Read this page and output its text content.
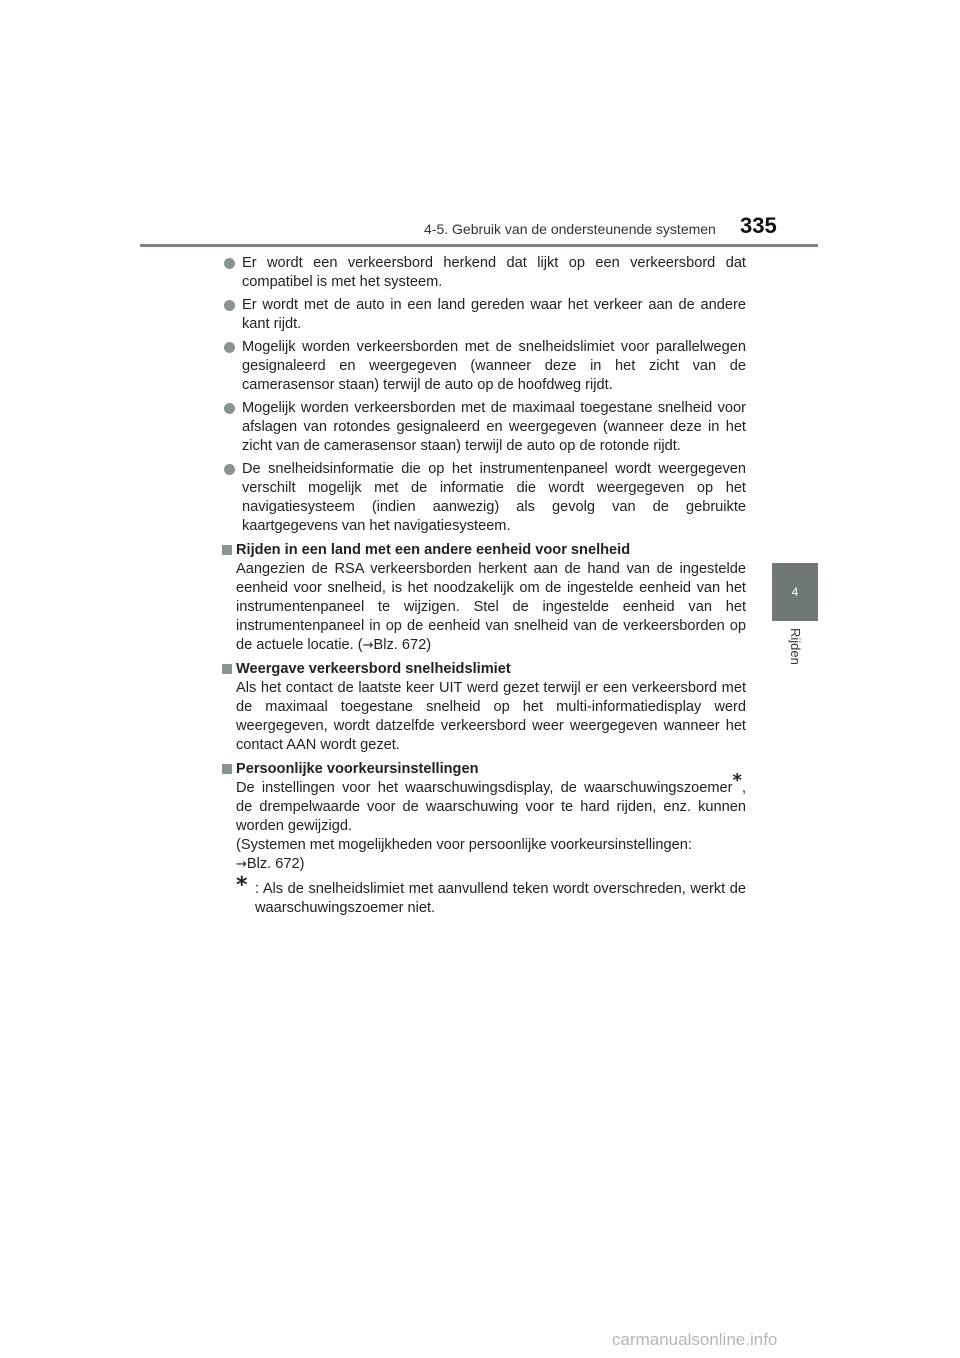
4-5. Gebruik van de ondersteunende systemen 335
4
Rijden
Er wordt een verkeersbord herkend dat lijkt op een verkeersbord dat compatibel is met het systeem.
Er wordt met de auto in een land gereden waar het verkeer aan de andere kant rijdt.
Mogelijk worden verkeersborden met de snelheidslimiet voor parallelwegen gesignaleerd en weergegeven (wanneer deze in het zicht van de camerasensor staan) terwijl de auto op de hoofdweg rijdt.
Mogelijk worden verkeersborden met de maximaal toegestane snelheid voor afslagen van rotondes gesignaleerd en weergegeven (wanneer deze in het zicht van de camerasensor staan) terwijl de auto op de rotonde rijdt.
De snelheidsinformatie die op het instrumentenpaneel wordt weergegeven verschilt mogelijk met de informatie die wordt weergegeven op het navigatiesysteem (indien aanwezig) als gevolg van de gebruikte kaartgegevens van het navigatiesysteem.
Rijden in een land met een andere eenheid voor snelheid
Aangezien de RSA verkeersborden herkent aan de hand van de ingestelde eenheid voor snelheid, is het noodzakelijk om de ingestelde eenheid van het instrumentenpaneel te wijzigen. Stel de ingestelde eenheid van het instrumentenpaneel in op de eenheid van snelheid van de verkeersborden op de actuele locatie. (→Blz. 672)
Weergave verkeersbord snelheidslimiet
Als het contact de laatste keer UIT werd gezet terwijl er een verkeersbord met de maximaal toegestane snelheid op het multi-informatiedisplay werd weergegeven, wordt datzelfde verkeersbord weer weergegeven wanneer het contact AAN wordt gezet.
Persoonlijke voorkeursinstellingen
De instellingen voor het waarschuwingsdisplay, de waarschuwingszoemer*, de drempelwaarde voor de waarschuwing voor te hard rijden, enz. kunnen worden gewijzigd.
(Systemen met mogelijkheden voor persoonlijke voorkeursinstellingen:
→Blz. 672)
* : Als de snelheidslimiet met aanvullend teken wordt overschreden, werkt de waarschuwingszoemer niet.
carmanualsonline.info
